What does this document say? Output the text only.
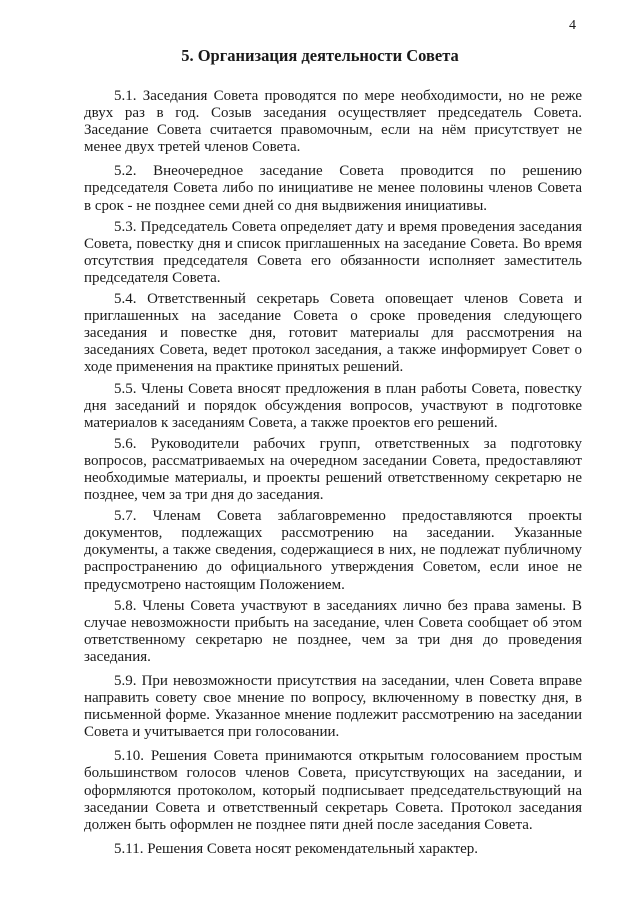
4
5. Организация деятельности Совета

5.1. Заседания Совета проводятся по мере необходимости, но не реже двух раз в год. Созыв заседания осуществляет председатель Совета. Заседание Совета считается правомочным, если на нём присутствует не менее двух третей членов Совета.

5.2. Внеочередное заседание Совета проводится по решению председателя Совета либо по инициативе не менее половины членов Совета в срок - не позднее семи дней со дня выдвижения инициативы.

5.3. Председатель Совета определяет дату и время проведения заседания Совета, повестку дня и список приглашенных на заседание Совета. Во время отсутствия председателя Совета его обязанности исполняет заместитель председателя Совета.

5.4. Ответственный секретарь Совета оповещает членов Совета и приглашенных на заседание Совета о сроке проведения следующего заседания и повестке дня, готовит материалы для рассмотрения на заседаниях Совета, ведет протокол заседания, а также информирует Совет о ходе применения на практике принятых решений.

5.5. Члены Совета вносят предложения в план работы Совета, повестку дня заседаний и порядок обсуждения вопросов, участвуют в подготовке материалов к заседаниям Совета, а также проектов его решений.

5.6. Руководители рабочих групп, ответственных за подготовку вопросов, рассматриваемых на очередном заседании Совета, предоставляют необходимые материалы, и проекты решений ответственному секретарю не позднее, чем за три дня до заседания.

5.7. Членам Совета заблаговременно предоставляются проекты документов, подлежащих рассмотрению на заседании. Указанные документы, а также сведения, содержащиеся в них, не подлежат публичному распространению до официального утверждения Советом, если иное не предусмотрено настоящим Положением.

5.8. Члены Совета участвуют в заседаниях лично без права замены. В случае невозможности прибыть на заседание, член Совета сообщает об этом ответственному секретарю не позднее, чем за три дня до проведения заседания.

5.9. При невозможности присутствия на заседании, член Совета вправе направить совету свое мнение по вопросу, включенному в повестку дня, в письменной форме. Указанное мнение подлежит рассмотрению на заседании Совета и учитывается при голосовании.

5.10. Решения Совета принимаются открытым голосованием простым большинством голосов членов Совета, присутствующих на заседании, и оформляются протоколом, который подписывает председательствующий на заседании Совета и ответственный секретарь Совета. Протокол заседания должен быть оформлен не позднее пяти дней после заседания Совета.

5.11. Решения Совета носят рекомендательный характер.
